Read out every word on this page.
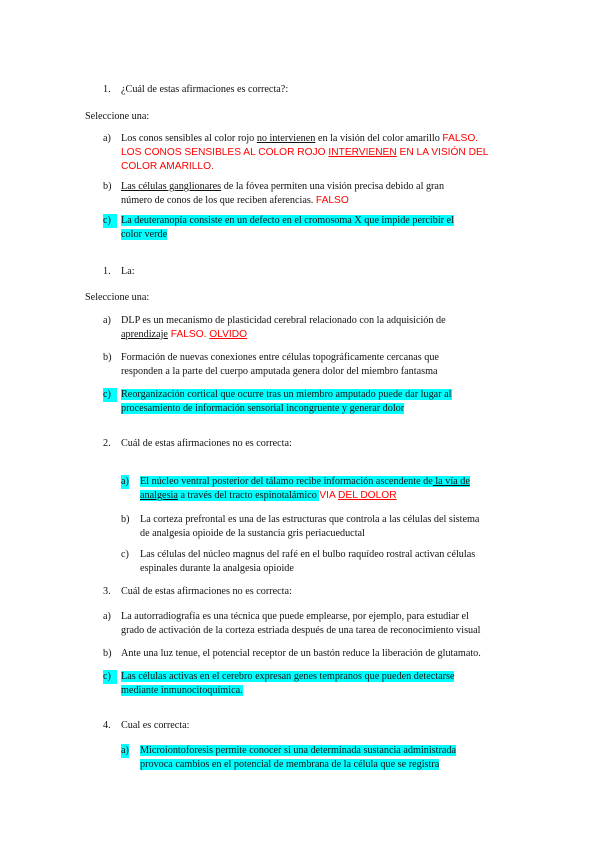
1. ¿Cuál de estas afirmaciones es correcta?:
Seleccione una:
a) Los conos sensibles al color rojo no intervienen en la visión del color amarillo FALSO.
LOS CONOS SENSIBLES AL COLOR ROJO INTERVIENEN EN LA VISIÓN DEL
COLOR AMARILLO.
b) Las células ganglionares de la fóvea permiten una visión precisa debido al gran
número de conos de los que reciben aferencias. FALSO
c) La deuteranopía consiste en un defecto en el cromosoma X que impide percibir el
color verde
1. La:
Seleccione una:
a) DLP es un mecanismo de plasticidad cerebral relacionado con la adquisición de
aprendizaje FALSO. OLVIDO
b) Formación de nuevas conexiones entre células topográficamente cercanas que
responden a la parte del cuerpo amputada genera dolor del miembro fantasma
c) Reorganización cortical que ocurre tras un miembro amputado puede dar lugar al
procesamiento de información sensorial incongruente y generar dolor
2. Cuál de estas afirmaciones no es correcta:
a) El núcleo ventral posterior del tálamo recibe información ascendente de la vía de
analgesia a través del tracto espinotalámico VIA DEL DOLOR
b) La corteza prefrontal es una de las estructuras que controla a las células del sistema
de analgesia opioide de la sustancia gris periacueductal
c) Las células del núcleo magnus del rafé en el bulbo raquídeo rostral activan células
espinales durante la analgesia opioide
3. Cuál de estas afirmaciones no es correcta:
a) La autorradiografía es una técnica que puede emplearse, por ejemplo, para estudiar el
grado de activación de la corteza estriada después de una tarea de reconocimiento visual
b) Ante una luz tenue, el potencial receptor de un bastón reduce la liberación de glutamato.
c) Las células activas en el cerebro expresan genes tempranos que pueden detectarse
mediante inmunocitoquímica.
4. Cual es correcta:
a) Microiontoforesis permite conocer si una determinada sustancia administrada
provoca cambios en el potencial de membrana de la célula que se registra
